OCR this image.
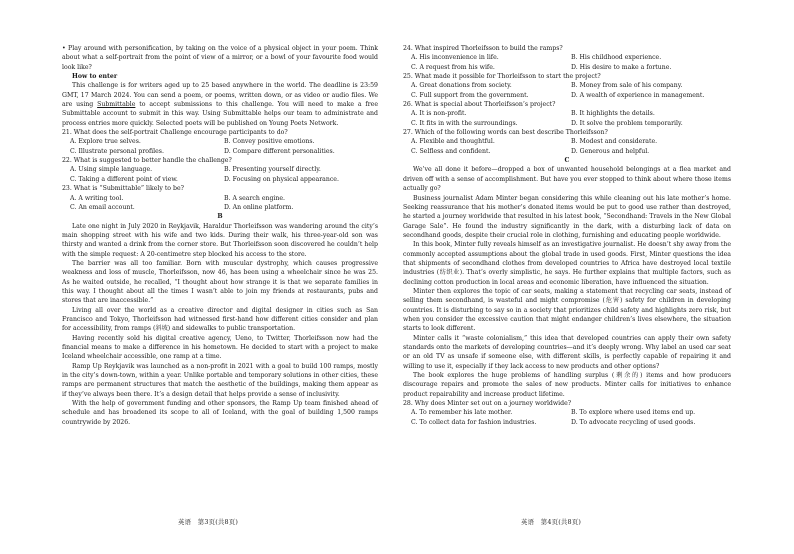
• Play around with personification, by taking on the voice of a physical object in your poem. Think about what a self-portrait from the point of view of a mirror, or a bowl of your favourite food would look like?

How to enter

This challenge is for writers aged up to 25 based anywhere in the world. The deadline is 23:59 GMT, 17 March 2024. You can send a poem, or poems, written down, or as video or audio files. We are using Submittable to accept submissions to this challenge. You will need to make a free Submittable account to submit in this way. Using Submittable helps our team to administrate and process entries more quickly. Selected poets will be published on Young Poets Network.

21. What does the self-portrait Challenge encourage participants to do?

A. Explore true selves.	B. Convey positive emotions.
C. Illustrate personal profiles.	D. Compare different personalities.

22. What is suggested to better handle the challenge?

A. Using simple language.	B. Presenting yourself directly.
C. Taking a different point of view.	D. Focusing on physical appearance.

23. What is “Submittable” likely to be?

A. A writing tool.	B. A search engine.
C. An email account.	D. An online platform.

B

Late one night in July 2020 in Reykjavik, Haraldur Thorleifsson was wandering around the city’s main shopping street with his wife and two kids. During their walk, his three-year-old son was thirsty and wanted a drink from the corner store. But Thorleifsson soon discovered he couldn’t help with the simple request: A 20-centimetre step blocked his access to the store.

The barrier was all too familiar. Born with muscular dystrophy, which causes progressive weakness and loss of muscle, Thorleifsson, now 46, has been using a wheelchair since he was 25. As he waited outside, he recalled, “I thought about how strange it is that we separate families in this way. I thought about all the times I wasn’t able to join my friends at restaurants, pubs and stores that are inaccessible.”

Living all over the world as a creative director and digital designer in cities such as San Francisco and Tokyo, Thorleifsson had witnessed first-hand how different cities consider and plan for accessibility, from ramps (斜坡) and sidewalks to public transportation.

Having recently sold his digital creative agency, Ueno, to Twitter, Thorleifsson now had the financial means to make a difference in his hometown. He decided to start with a project to make Iceland wheelchair accessible, one ramp at a time.

Ramp Up Reykjavik was launched as a non-profit in 2021 with a goal to build 100 ramps, mostly in the city’s down-town, within a year. Unlike portable and temporary solutions in other cities, these ramps are permanent structures that match the aesthetic of the buildings, making them appear as if they’ve always been there. It’s a design detail that helps provide a sense of inclusivity.

With the help of government funding and other sponsors, the Ramp Up team finished ahead of schedule and has broadened its scope to all of Iceland, with the goal of building 1,500 ramps countrywide by 2026.

24. What inspired Thorleifsson to build the ramps?

A. His inconvenience in life.	B. His childhood experience.
C. A request from his wife.	D. His desire to make a fortune.

25. What made it possible for Thorleifsson to start the project?

A. Great donations from society.	B. Money from sale of his company.
C. Full support from the government.	D. A wealth of experience in management.

26. What is special about Thorleifsson’s project?

A. It is non-profit.	B. It highlights the details.
C. It fits in with the surroundings.	D. It solve the problem temporarily.

27. Which of the following words can best describe Thorleifsson?

A. Flexible and thoughtful.	B. Modest and considerate.
C. Selfless and confident.	D. Generous and helpful.

C

We’ve all done it before—dropped a box of unwanted household belongings at a flea market and driven off with a sense of accomplishment. But have you ever stopped to think about where those items actually go?

Business journalist Adam Minter began considering this while cleaning out his late mother’s home. Seeking reassurance that his mother’s donated items would be put to good use rather than destroyed, he started a journey worldwide that resulted in his latest book, “Secondhand: Travels in the New Global Garage Sale”. He found the industry significantly in the dark, with a disturbing lack of data on secondhand goods, despite their crucial role in clothing, furnishing and educating people worldwide.

In this book, Minter fully reveals himself as an investigative journalist. He doesn’t shy away from the commonly accepted assumptions about the global trade in used goods. First, Minter questions the idea that shipments of secondhand clothes from developed countries to Africa have destroyed local textile industries (纺织业). That’s overly simplistic, he says. He further explains that multiple factors, such as declining cotton production in local areas and economic liberation, have influenced the situation.

Minter then explores the topic of car seats, making a statement that recycling car seats, instead of selling them secondhand, is wasteful and might compromise (危害) safety for children in developing countries. It is disturbing to say so in a society that prioritizes child safety and highlights zero risk, but when you consider the excessive caution that might endanger children’s lives elsewhere, the situation starts to look different.

Minter calls it “waste colonialism,” this idea that developed countries can apply their own safety standards onto the markets of developing countries—and it’s deeply wrong. Why label an used car seat or an old TV as unsafe if someone else, with different skills, is perfectly capable of repairing it and willing to use it, especially if they lack access to new products and other options?

The book explores the huge problems of handling surplus (剩余的) items and how producers discourage repairs and promote the sales of new products. Minter calls for initiatives to enhance product repairability and increase product lifetime.

28. Why does Minter set out on a journey worldwide?

A. To remember his late mother.	B. To explore where used items end up.
C. To collect data for fashion industries.	D. To advocate recycling of used goods.
英语　第3页(共8页)	英语　第4页(共8页)
